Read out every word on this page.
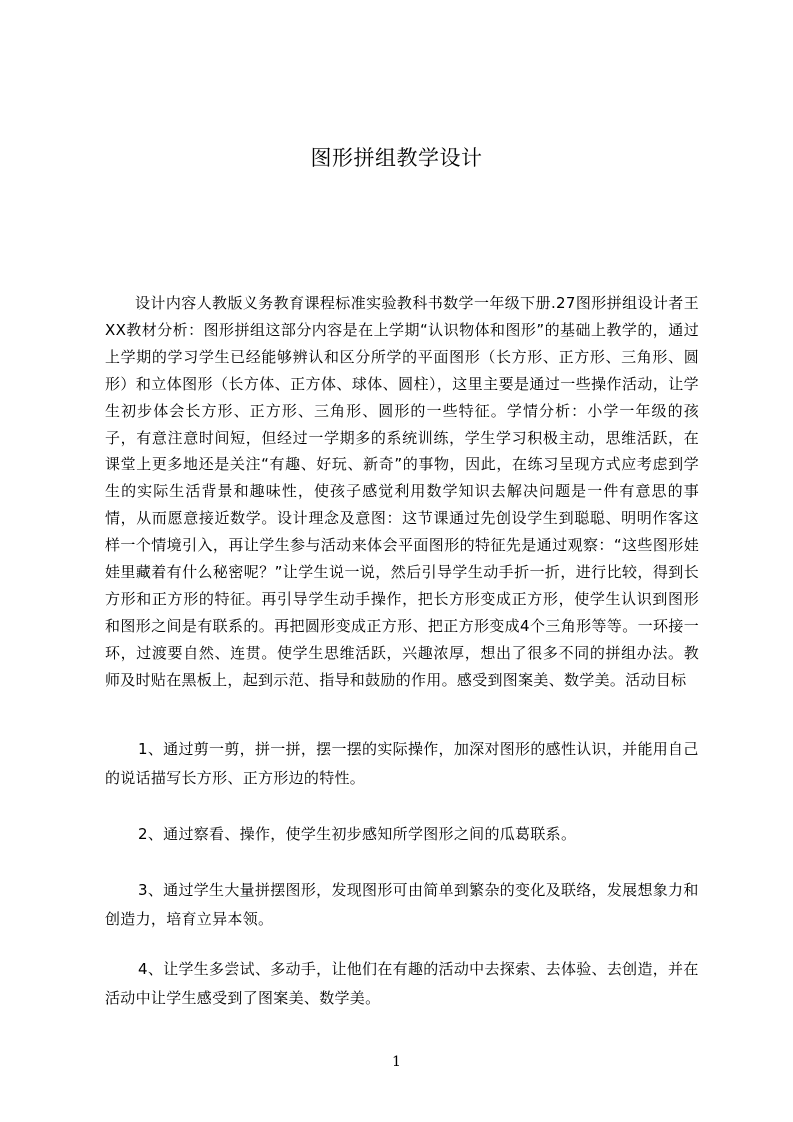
图形拼组教学设计

设计内容人教版义务教育课程标准实验教科书数学一年级下册.27图形拼组设计者王XX教材分析：图形拼组这部分内容是在上学期“认识物体和图形”的基础上教学的，通过上学期的学习学生已经能够辨认和区分所学的平面图形（长方形、正方形、三角形、圆形）和立体图形（长方体、正方体、球体、圆柱），这里主要是通过一些操作活动，让学生初步体会长方形、正方形、三角形、圆形的一些特征。学情分析：小学一年级的孩子，有意注意时间短，但经过一学期多的系统训练，学生学习积极主动，思维活跃，在课堂上更多地还是关注“有趣、好玩、新奇”的事物，因此，在练习呈现方式应考虑到学生的实际生活背景和趣味性，使孩子感觉利用数学知识去解决问题是一件有意思的事情，从而愿意接近数学。设计理念及意图：这节课通过先创设学生到聪聪、明明作客这样一个情境引入，再让学生参与活动来体会平面图形的特征先是通过观察：“这些图形娃娃里藏着有什么秘密呢？”让学生说一说，然后引导学生动手折一折，进行比较，得到长方形和正方形的特征。再引导学生动手操作，把长方形变成正方形，使学生认识到图形和图形之间是有联系的。再把圆形变成正方形、把正方形变成4个三角形等等。一环接一环，过渡要自然、连贯。使学生思维活跃，兴趣浓厚，想出了很多不同的拼组办法。教师及时贴在黑板上，起到示范、指导和鼓励的作用。感受到图案美、数学美。活动目标

1、通过剪一剪，拼一拼，摆一摆的实际操作，加深对图形的感性认识，并能用自己的说话描写长方形、正方形边的特性。

2、通过察看、操作，使学生初步感知所学图形之间的瓜葛联系。

3、通过学生大量拼摆图形，发现图形可由简单到繁杂的变化及联络，发展想象力和创造力，培育立异本领。

4、让学生多尝试、多动手，让他们在有趣的活动中去探索、去体验、去创造，并在活动中让学生感受到了图案美、数学美。

1
